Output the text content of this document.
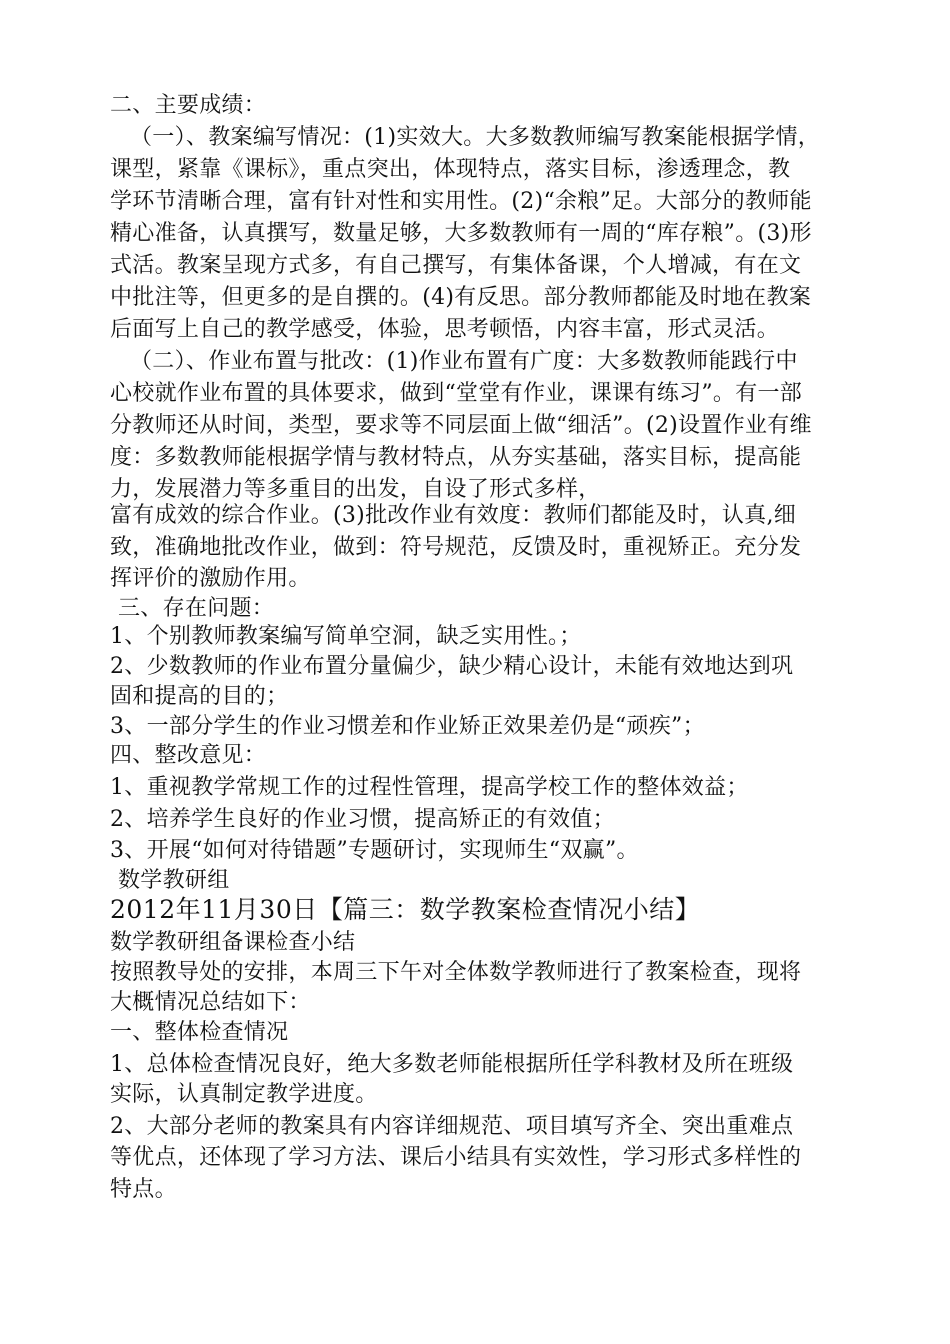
二、主要成绩：
（一）、教案编写情况：(1)实效大。大多数教师编写教案能根据学情，
课型，紧靠《课标》，重点突出，体现特点，落实目标，渗透理念，教
学环节清晰合理，富有针对性和实用性。(2)“余粮”足。大部分的教师能
精心准备，认真撰写，数量足够，大多数教师有一周的“库存粮”。(3)形
式活。教案呈现方式多，有自己撰写，有集体备课，个人增减，有在文
中批注等，但更多的是自撰的。(4)有反思。部分教师都能及时地在教案
后面写上自己的教学感受，体验，思考顿悟，内容丰富，形式灵活。
（二）、作业布置与批改：(1)作业布置有广度：大多数教师能践行中
心校就作业布置的具体要求，做到“堂堂有作业，课课有练习”。有一部
分教师还从时间，类型，要求等不同层面上做“细活”。(2)设置作业有维
度：多数教师能根据学情与教材特点，从夯实基础，落实目标，提高能
力，发展潜力等多重目的出发，自设了形式多样，
富有成效的综合作业。(3)批改作业有效度：教师们都能及时，认真,细
致，准确地批改作业，做到：符号规范，反馈及时，重视矫正。充分发
挥评价的激励作用。
三、存在问题：
1、个别教师教案编写简单空洞，缺乏实用性。；
2、少数教师的作业布置分量偏少，缺少精心设计，未能有效地达到巩
固和提高的目的；
3、一部分学生的作业习惯差和作业矫正效果差仍是“顽疾”；
四、整改意见：
1、重视教学常规工作的过程性管理，提高学校工作的整体效益；
2、培养学生良好的作业习惯，提高矫正的有效值；
3、开展“如何对待错题”专题研讨，实现师生“双赢”。
数学教研组
2012年11月30日【篇三：数学教案检查情况小结】
数学教研组备课检查小结
按照教导处的安排，本周三下午对全体数学教师进行了教案检查，现将
大概情况总结如下：
一、整体检查情况
1、总体检查情况良好，绝大多数老师能根据所任学科教材及所在班级
实际，认真制定教学进度。
2、大部分老师的教案具有内容详细规范、项目填写齐全、突出重难点
等优点，还体现了学习方法、课后小结具有实效性，学习形式多样性的
特点。
